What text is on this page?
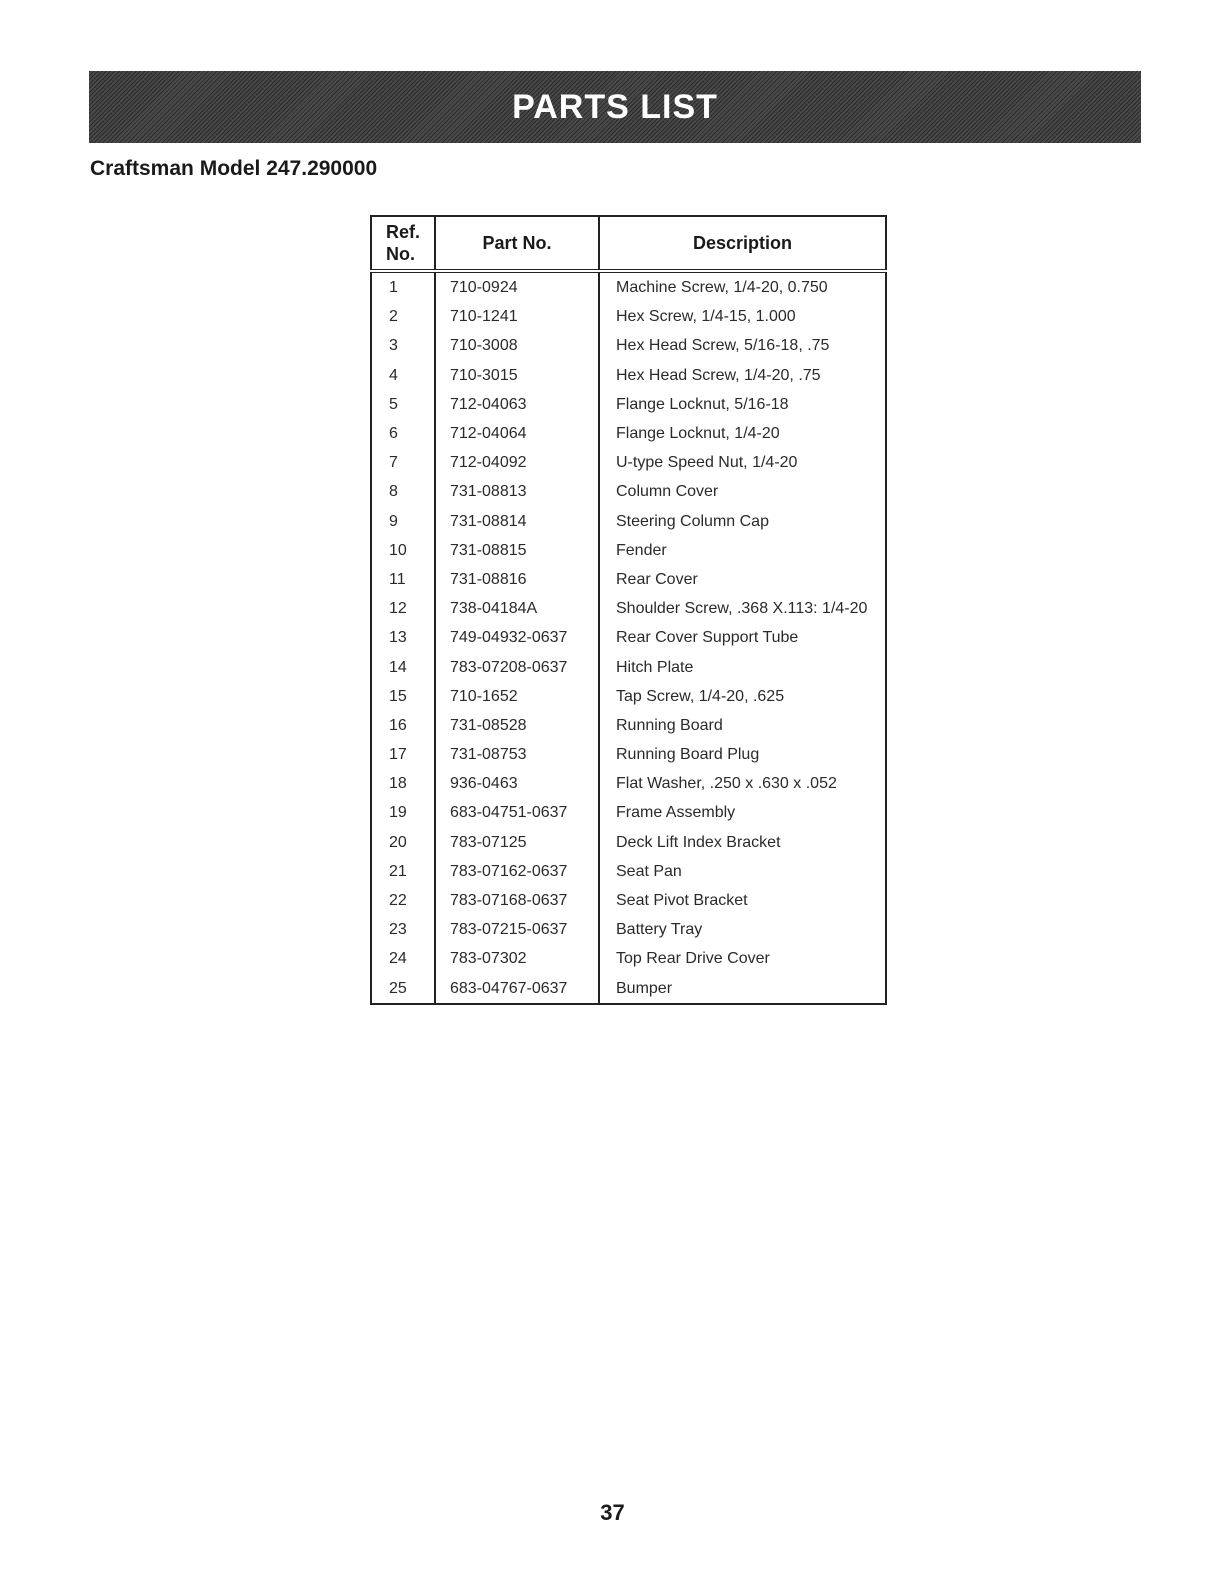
PARTS LIST
Craftsman Model 247.290000
Ref.
No.	Part No.	Description
1	710-0924	Machine Screw, 1/4-20, 0.750
2	710-1241	Hex Screw, 1/4-15, 1.000
3	710-3008	Hex Head Screw, 5/16-18, .75
4	710-3015	Hex Head Screw, 1/4-20, .75
5	712-04063	Flange Locknut, 5/16-18
6	712-04064	Flange Locknut, 1/4-20
7	712-04092	U-type Speed Nut, 1/4-20
8	731-08813	Column Cover
9	731-08814	Steering Column Cap
10	731-08815	Fender
11	731-08816	Rear Cover
12	738-04184A	Shoulder Screw, .368 X.113: 1/4-20
13	749-04932-0637	Rear Cover Support Tube
14	783-07208-0637	Hitch Plate
15	710-1652	Tap Screw, 1/4-20, .625
16	731-08528	Running Board
17	731-08753	Running Board Plug
18	936-0463	Flat Washer, .250 x .630 x .052
19	683-04751-0637	Frame Assembly
20	783-07125	Deck Lift Index Bracket
21	783-07162-0637	Seat Pan
22	783-07168-0637	Seat Pivot Bracket
23	783-07215-0637	Battery Tray
24	783-07302	Top Rear Drive Cover
25	683-04767-0637	Bumper
37
